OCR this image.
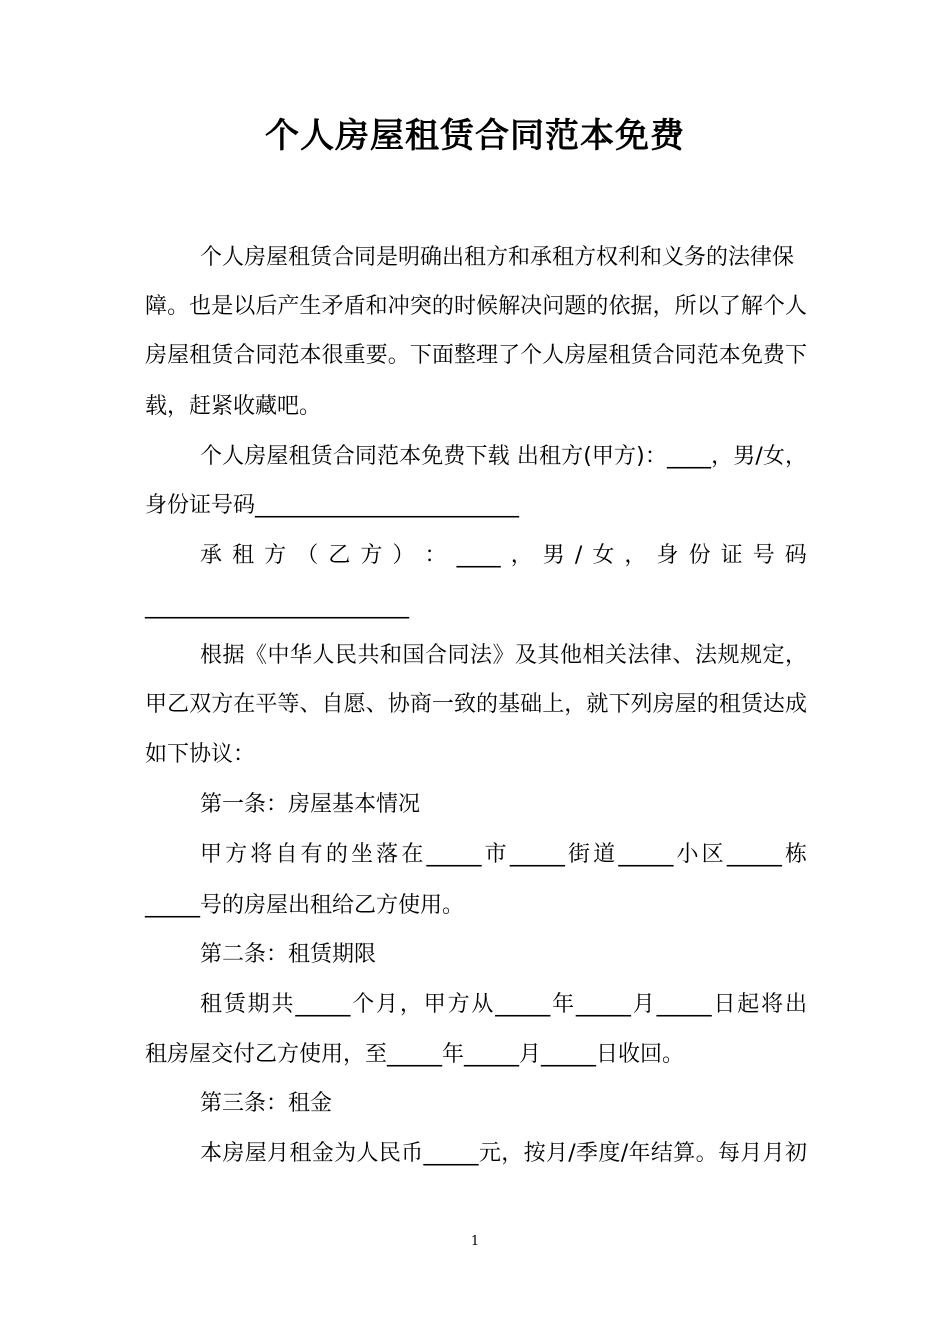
个人房屋租赁合同范本免费
个人房屋租赁合同是明确出租方和承租方权利和义务的法律保
障。也是以后产生矛盾和冲突的时候解决问题的依据，所以了解个人
房屋租赁合同范本很重要。下面整理了个人房屋租赁合同范本免费下
载，赶紧收藏吧。
个人房屋租赁合同范本免费下载 出租方(甲方)：____，男/女，
身份证号码________________________
承 租 方 （ 乙 方 ） ： ____ ， 男 / 女 ， 身 份 证 号 码
________________________
根据《中华人民共和国合同法》及其他相关法律、法规规定，
甲乙双方在平等、自愿、协商一致的基础上，就下列房屋的租赁达成
如下协议：
第一条：房屋基本情况
甲方将自有的坐落在_____市_____街道_____小区_____栋
_____号的房屋出租给乙方使用。
第二条：租赁期限
租赁期共_____个月，甲方从_____年_____月_____日起将出
租房屋交付乙方使用，至_____年_____月_____日收回。
第三条：租金
本房屋月租金为人民币_____元，按月/季度/年结算。每月月初
1
